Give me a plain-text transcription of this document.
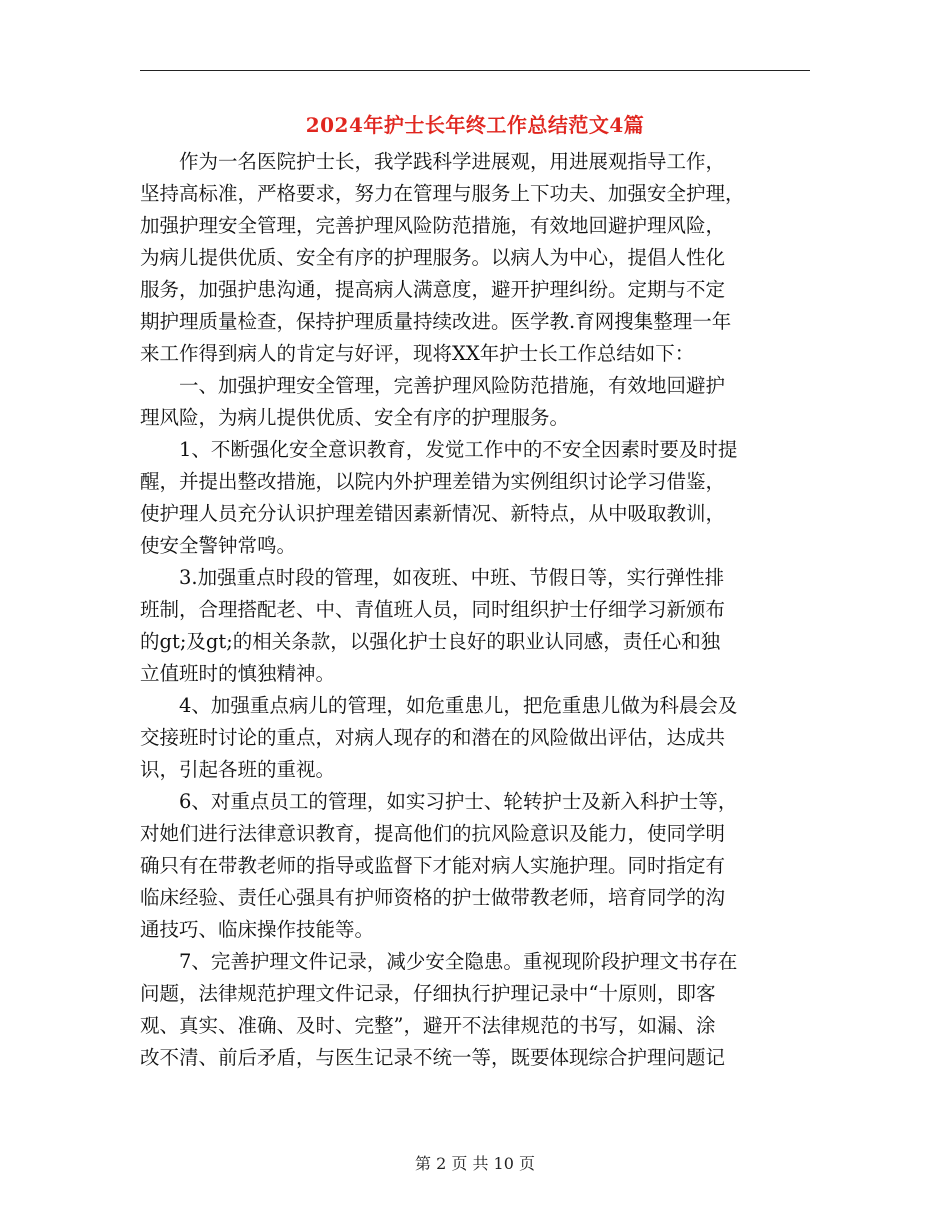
2024年护士长年终工作总结范文4篇
　　作为一名医院护士长，我学践科学进展观，用进展观指导工作，
坚持高标准，严格要求，努力在管理与服务上下功夫、加强安全护理，
加强护理安全管理，完善护理风险防范措施，有效地回避护理风险，
为病儿提供优质、安全有序的护理服务。以病人为中心，提倡人性化
服务，加强护患沟通，提高病人满意度，避开护理纠纷。定期与不定
期护理质量检查，保持护理质量持续改进。医学教.育网搜集整理一年
来工作得到病人的肯定与好评，现将XX年护士长工作总结如下：
　　一、加强护理安全管理，完善护理风险防范措施，有效地回避护
理风险，为病儿提供优质、安全有序的护理服务。
　　1、不断强化安全意识教育，发觉工作中的不安全因素时要及时提
醒，并提出整改措施，以院内外护理差错为实例组织讨论学习借鉴，
使护理人员充分认识护理差错因素新情况、新特点，从中吸取教训，
使安全警钟常鸣。
　　3.加强重点时段的管理，如夜班、中班、节假日等，实行弹性排
班制，合理搭配老、中、青值班人员，同时组织护士仔细学习新颁布
的gt;及gt;的相关条款，以强化护士良好的职业认同感，责任心和独
立值班时的慎独精神。
　　4、加强重点病儿的管理，如危重患儿，把危重患儿做为科晨会及
交接班时讨论的重点，对病人现存的和潜在的风险做出评估，达成共
识，引起各班的重视。
　　6、对重点员工的管理，如实习护士、轮转护士及新入科护士等，
对她们进行法律意识教育，提高他们的抗风险意识及能力，使同学明
确只有在带教老师的指导或监督下才能对病人实施护理。同时指定有
临床经验、责任心强具有护师资格的护士做带教老师，培育同学的沟
通技巧、临床操作技能等。
　　7、完善护理文件记录，减少安全隐患。重视现阶段护理文书存在
问题，法律规范护理文件记录，仔细执行护理记录中“十原则，即客
观、真实、准确、及时、完整”，避开不法律规范的书写，如漏、涂
改不清、前后矛盾，与医生记录不统一等，既要体现综合护理问题记
第 2 页 共 10 页
